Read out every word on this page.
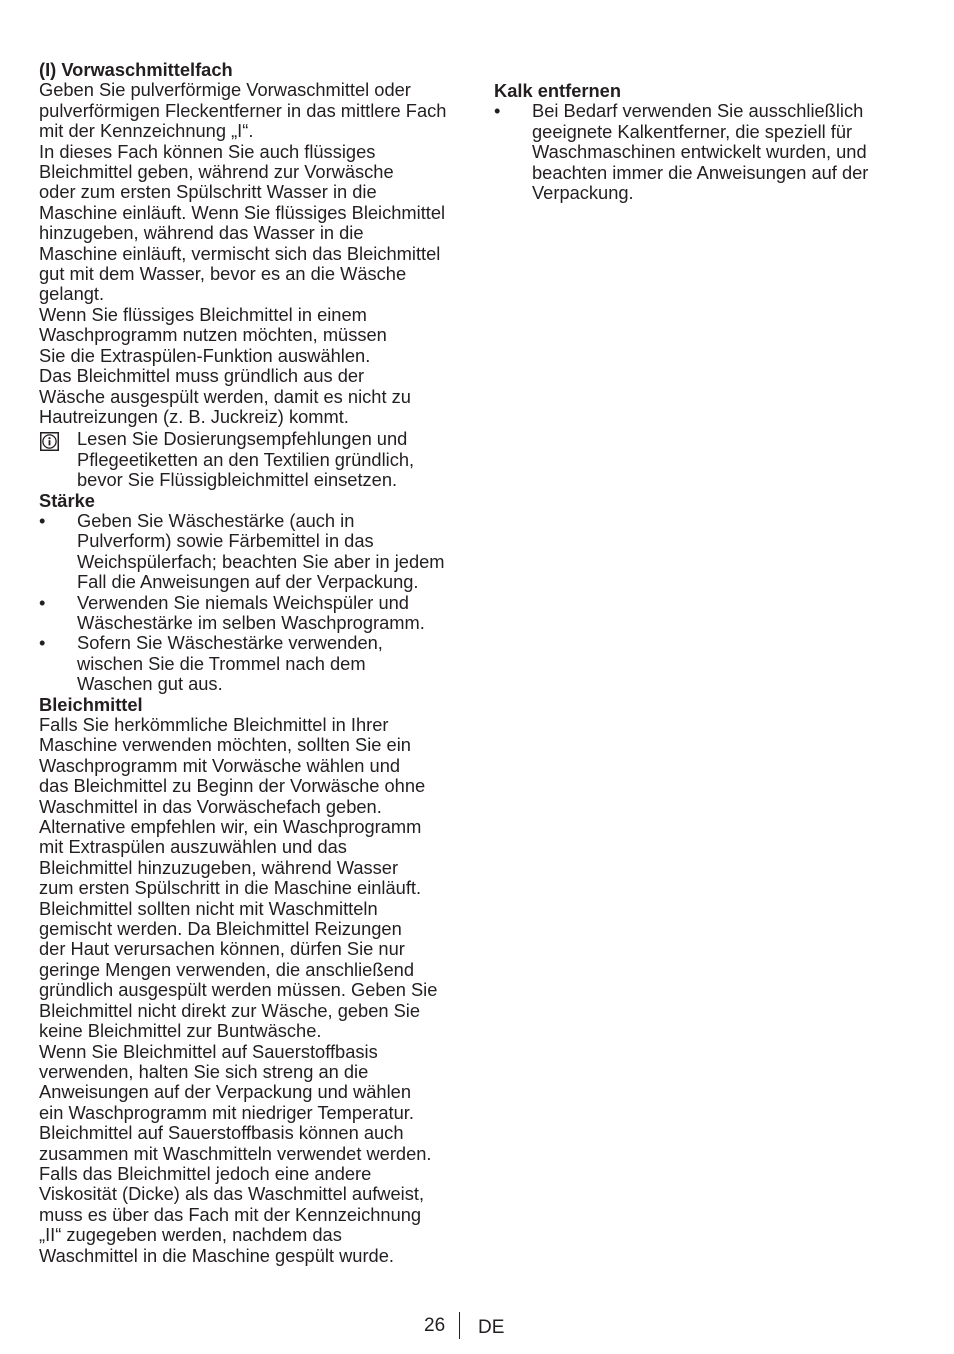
(I) Vorwaschmittelfach
Geben Sie pulverförmige Vorwaschmittel oder
pulverförmigen Fleckentferner in das mittlere Fach
mit der Kennzeichnung „I“.
In dieses Fach können Sie auch flüssiges
Bleichmittel geben, während zur Vorwäsche
oder zum ersten Spülschritt Wasser in die
Maschine einläuft. Wenn Sie flüssiges Bleichmittel
hinzugeben, während das Wasser in die
Maschine einläuft, vermischt sich das Bleichmittel
gut mit dem Wasser, bevor es an die Wäsche
gelangt.
Wenn Sie flüssiges Bleichmittel in einem
Waschprogramm nutzen möchten, müssen
Sie die Extraspülen-Funktion auswählen.
Das Bleichmittel muss gründlich aus der
Wäsche ausgespült werden, damit es nicht zu
Hautreizungen (z. B. Juckreiz) kommt.
Lesen Sie Dosierungsempfehlungen und
Pflegeetiketten an den Textilien gründlich,
bevor Sie Flüssigbleichmittel einsetzen.
Stärke
• Geben Sie Wäschestärke (auch in
Pulverform) sowie Färbemittel in das
Weichspülerfach; beachten Sie aber in jedem
Fall die Anweisungen auf der Verpackung.
• Verwenden Sie niemals Weichspüler und
Wäschestärke im selben Waschprogramm.
• Sofern Sie Wäschestärke verwenden,
wischen Sie die Trommel nach dem
Waschen gut aus.
Bleichmittel
Falls Sie herkömmliche Bleichmittel in Ihrer
Maschine verwenden möchten, sollten Sie ein
Waschprogramm mit Vorwäsche wählen und
das Bleichmittel zu Beginn der Vorwäsche ohne
Waschmittel in das Vorwäschefach geben.
Alternative empfehlen wir, ein Waschprogramm
mit Extraspülen auszuwählen und das
Bleichmittel hinzuzugeben, während Wasser
zum ersten Spülschritt in die Maschine einläuft.
Bleichmittel sollten nicht mit Waschmitteln
gemischt werden. Da Bleichmittel Reizungen
der Haut verursachen können, dürfen Sie nur
geringe Mengen verwenden, die anschließend
gründlich ausgespült werden müssen. Geben Sie
Bleichmittel nicht direkt zur Wäsche, geben Sie
keine Bleichmittel zur Buntwäsche.
Wenn Sie Bleichmittel auf Sauerstoffbasis
verwenden, halten Sie sich streng an die
Anweisungen auf der Verpackung und wählen
ein Waschprogramm mit niedriger Temperatur.
Bleichmittel auf Sauerstoffbasis können auch
zusammen mit Waschmitteln verwendet werden.
Falls das Bleichmittel jedoch eine andere
Viskosität (Dicke) als das Waschmittel aufweist,
muss es über das Fach mit der Kennzeichnung
„II“ zugegeben werden, nachdem das
Waschmittel in die Maschine gespült wurde.
Kalk entfernen
• Bei Bedarf verwenden Sie ausschließlich
geeignete Kalkentferner, die speziell für
Waschmaschinen entwickelt wurden, und
beachten immer die Anweisungen auf der
Verpackung.
26 DE
